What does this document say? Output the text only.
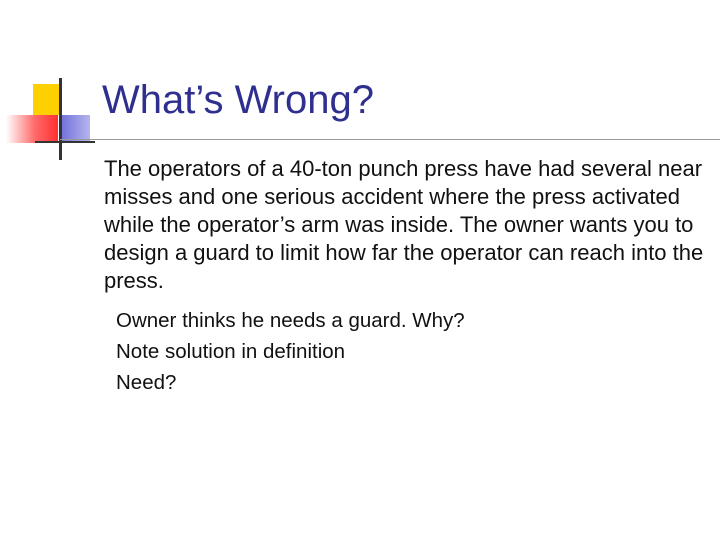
What’s Wrong?

The operators of a 40-ton punch press have had several near misses and one serious accident where the press activated while the operator’s arm was inside. The owner wants you to design a guard to limit how far the operator can reach into the press.

Owner thinks he needs a guard. Why?
Note solution in definition
Need?
